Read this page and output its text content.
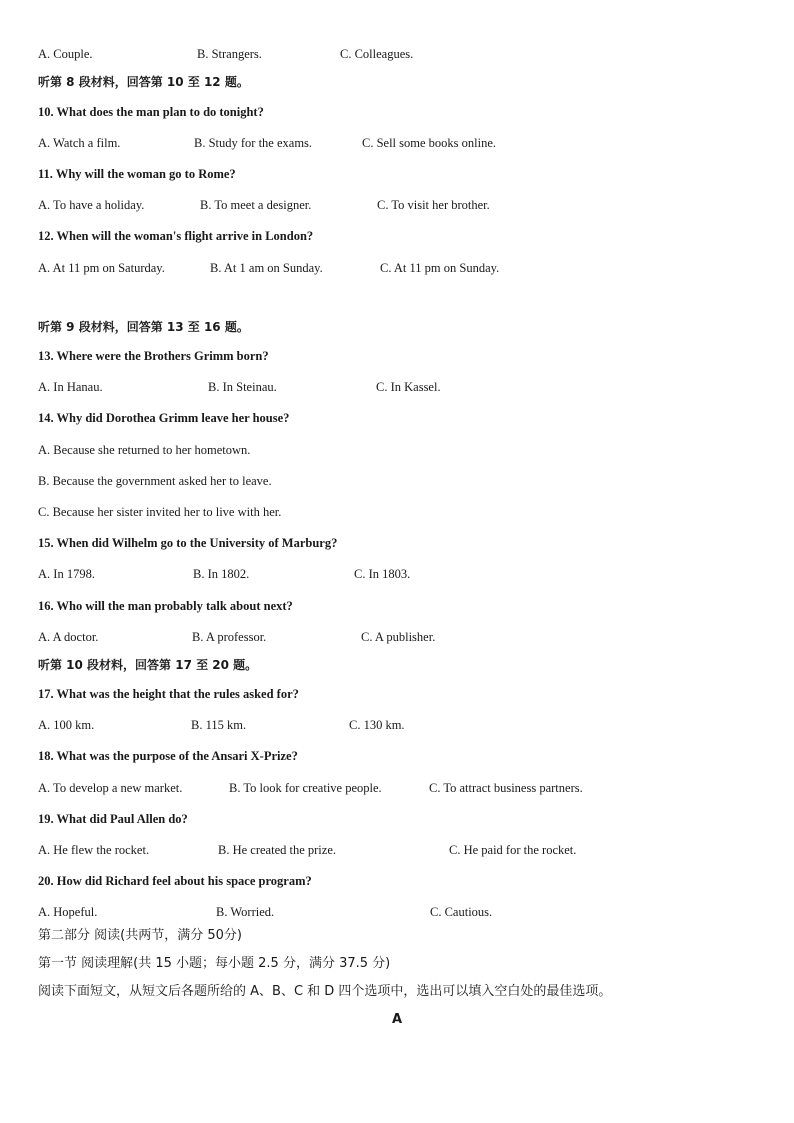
A. Couple.	B. Strangers.	C. Colleagues.
听第 8 段材料，回答第 10 至 12 题。
10. What does the man plan to do tonight?
A. Watch a film.	B. Study for the exams.	C. Sell some books online.
11. Why will the woman go to Rome?
A. To have a holiday.	B. To meet a designer.	C. To visit her brother.
12. When will the woman's flight arrive in London?
A. At 11 pm on Saturday.	B. At 1 am on Sunday.	C. At 11 pm on Sunday.
听第 9 段材料，回答第 13 至 16 题。
13. Where were the Brothers Grimm born?
A. In Hanau.	B. In Steinau.	C. In Kassel.
14. Why did Dorothea Grimm leave her house?
A. Because she returned to her hometown.
B. Because the government asked her to leave.
C. Because her sister invited her to live with her.
15. When did Wilhelm go to the University of Marburg?
A. In 1798.	B. In 1802.	C. In 1803.
16. Who will the man probably talk about next?
A. A doctor.	B. A professor.	C. A publisher.
听第 10 段材料，回答第 17 至 20 题。
17. What was the height that the rules asked for?
A. 100 km.	B. 115 km.	C. 130 km.
18. What was the purpose of the Ansari X-Prize?
A. To develop a new market.	B. To look for creative people.	C. To attract business partners.
19. What did Paul Allen do?
A. He flew the rocket.	B. He created the prize.	C. He paid for the rocket.
20. How did Richard feel about his space program?
A. Hopeful.	B. Worried.	C. Cautious.
第二部分 阅读(共两节，满分 50分)
第一节 阅读理解(共 15 小题；每小题 2.5 分，满分 37.5 分)
阅读下面短文，从短文后各题所给的 A、B、C 和 D 四个选项中，选出可以填入空白处的最佳选项。
A
